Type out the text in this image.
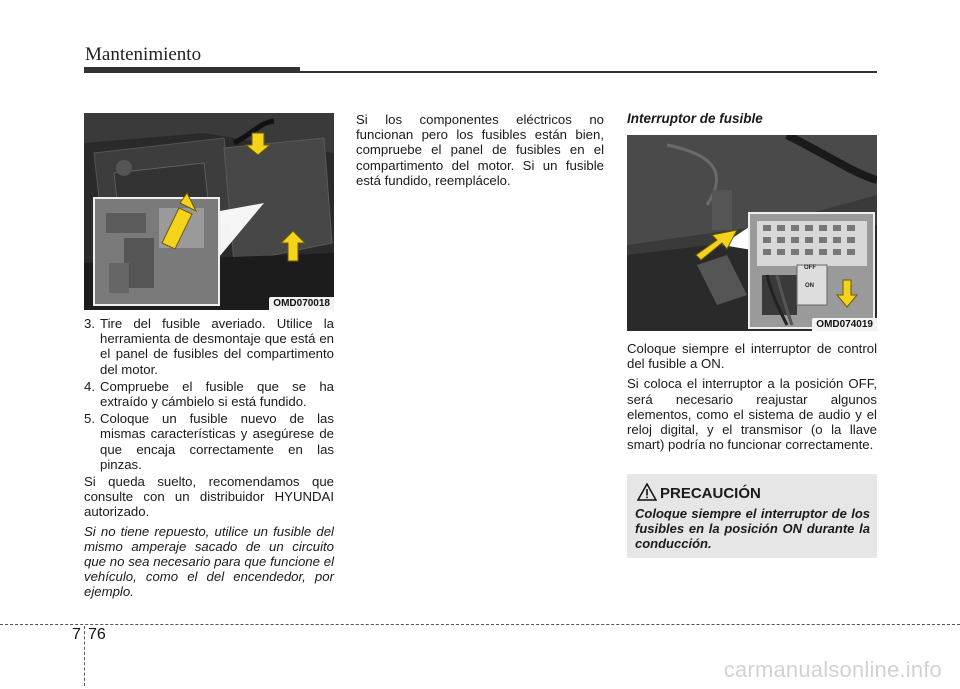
Mantenimiento
OMD070018
3. Tire del fusible averiado. Utilice la herramienta de desmontaje que está en el panel de fusibles del compartimento del motor.
4. Compruebe el fusible que se ha extraído y cámbielo si está fundido.
5. Coloque un fusible nuevo de las mismas características y asegúrese de que encaja correctamente en las pinzas.

Si queda suelto, recomendamos que consulte con un distribuidor HYUNDAI autorizado.

Si no tiene repuesto, utilice un fusible del mismo amperaje sacado de un circuito que no sea necesario para que funcione el vehículo, como el del encendedor, por ejemplo.

Si los componentes eléctricos no funcionan pero los fusibles están bien, compruebe el panel de fusibles en el compartimento del motor. Si un fusible está fundido, reemplácelo.

Interruptor de fusible
OFF
ON
OMD074019

Coloque siempre el interruptor de control del fusible a ON.

Si coloca el interruptor a la posición OFF, será necesario reajustar algunos elementos, como el sistema de audio y el reloj digital, y el transmisor (o la llave smart) podría no funcionar correctamente.

PRECAUCIÓN
Coloque siempre el interruptor de los fusibles en la posición ON durante la conducción.
7 76
carmanualsonline.info
